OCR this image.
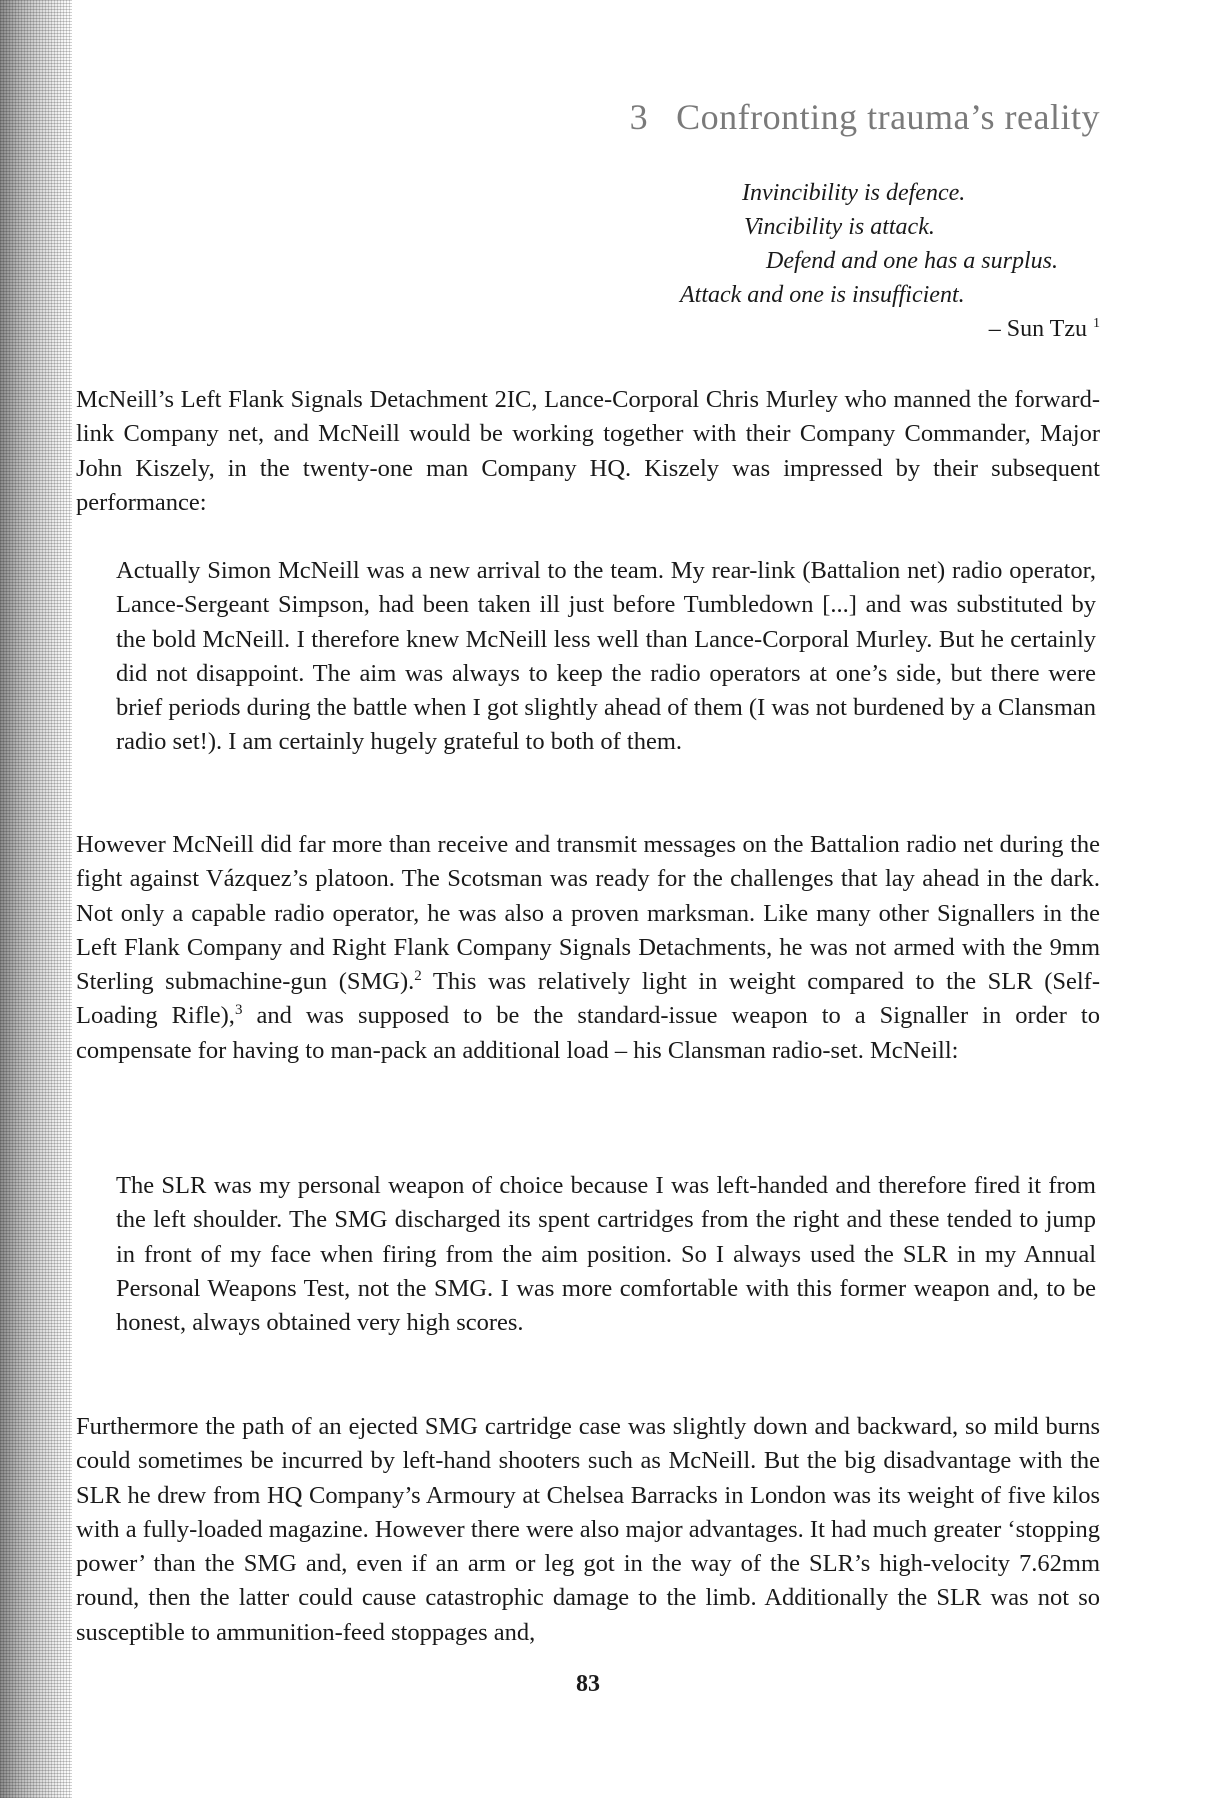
3 Confronting trauma’s reality
Invincibility is defence.
Vincibility is attack.
Defend and one has a surplus.
Attack and one is insufficient.
– Sun Tzu $^1$

McNeill’s Left Flank Signals Detachment 2IC, Lance-Corporal Chris Murley who manned the forward-link Company net, and McNeill would be working together with their Company Commander, Major John Kiszely, in the twenty-one man Company HQ. Kiszely was impressed by their subsequent performance:

Actually Simon McNeill was a new arrival to the team. My rear-link (Battalion net) radio operator, Lance-Sergeant Simpson, had been taken ill just before Tumbledown [...] and was substituted by the bold McNeill. I therefore knew McNeill less well than Lance-Corporal Murley. But he certainly did not disappoint. The aim was always to keep the radio operators at one’s side, but there were brief periods during the battle when I got slightly ahead of them (I was not burdened by a Clansman radio set!). I am certainly hugely grateful to both of them.

However McNeill did far more than receive and transmit messages on the Battalion radio net during the fight against Vázquez’s platoon. The Scotsman was ready for the challenges that lay ahead in the dark. Not only a capable radio operator, he was also a proven marksman. Like many other Signallers in the Left Flank Company and Right Flank Company Signals Detachments, he was not armed with the 9mm Sterling submachine-gun (SMG).$^2$ This was relatively light in weight compared to the SLR (Self-Loading Rifle),$^3$ and was supposed to be the standard-issue weapon to a Signaller in order to compensate for having to man-pack an additional load – his Clansman radio-set. McNeill:

The SLR was my personal weapon of choice because I was left-handed and therefore fired it from the left shoulder. The SMG discharged its spent cartridges from the right and these tended to jump in front of my face when firing from the aim position. So I always used the SLR in my Annual Personal Weapons Test, not the SMG. I was more comfortable with this former weapon and, to be honest, always obtained very high scores.

Furthermore the path of an ejected SMG cartridge case was slightly down and backward, so mild burns could sometimes be incurred by left-hand shooters such as McNeill. But the big disadvantage with the SLR he drew from HQ Company’s Armoury at Chelsea Barracks in London was its weight of five kilos with a fully-loaded magazine. However there were also major advantages. It had much greater ‘stopping power’ than the SMG and, even if an arm or leg got in the way of the SLR’s high-velocity 7.62mm round, then the latter could cause catastrophic damage to the limb. Additionally the SLR was not so susceptible to ammunition-feed stoppages and,

83
